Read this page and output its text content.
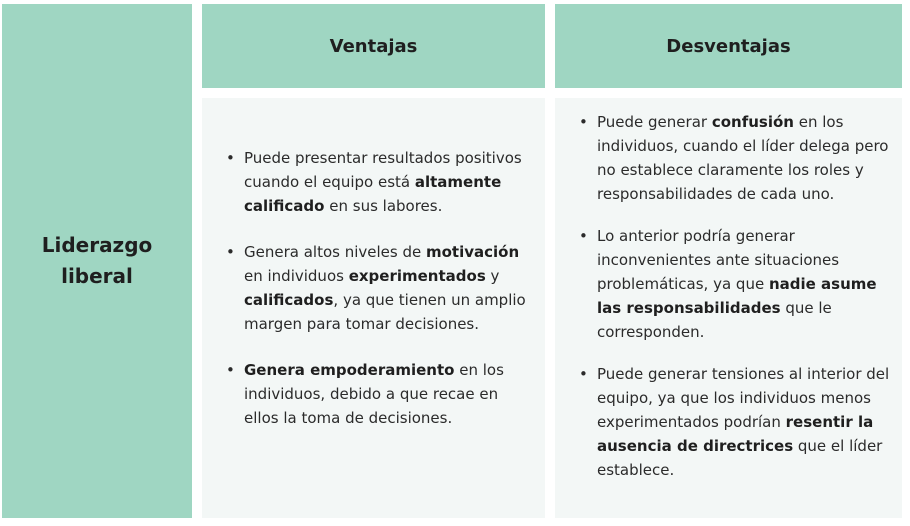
Liderazgo liberal
Ventajas	Desventajas
• Puede presentar resultados positivos cuando el equipo está altamente calificado en sus labores.
• Genera altos niveles de motivación en individuos experimentados y calificados, ya que tienen un amplio margen para tomar decisiones.
• Genera empoderamiento en los individuos, debido a que recae en ellos la toma de decisiones.
• Puede generar confusión en los individuos, cuando el líder delega pero no establece claramente los roles y responsabilidades de cada uno.
• Lo anterior podría generar inconvenientes ante situaciones problemáticas, ya que nadie asume las responsabilidades que le corresponden.
• Puede generar tensiones al interior del equipo, ya que los individuos menos experimentados podrían resentir la ausencia de directrices que el líder establece.
